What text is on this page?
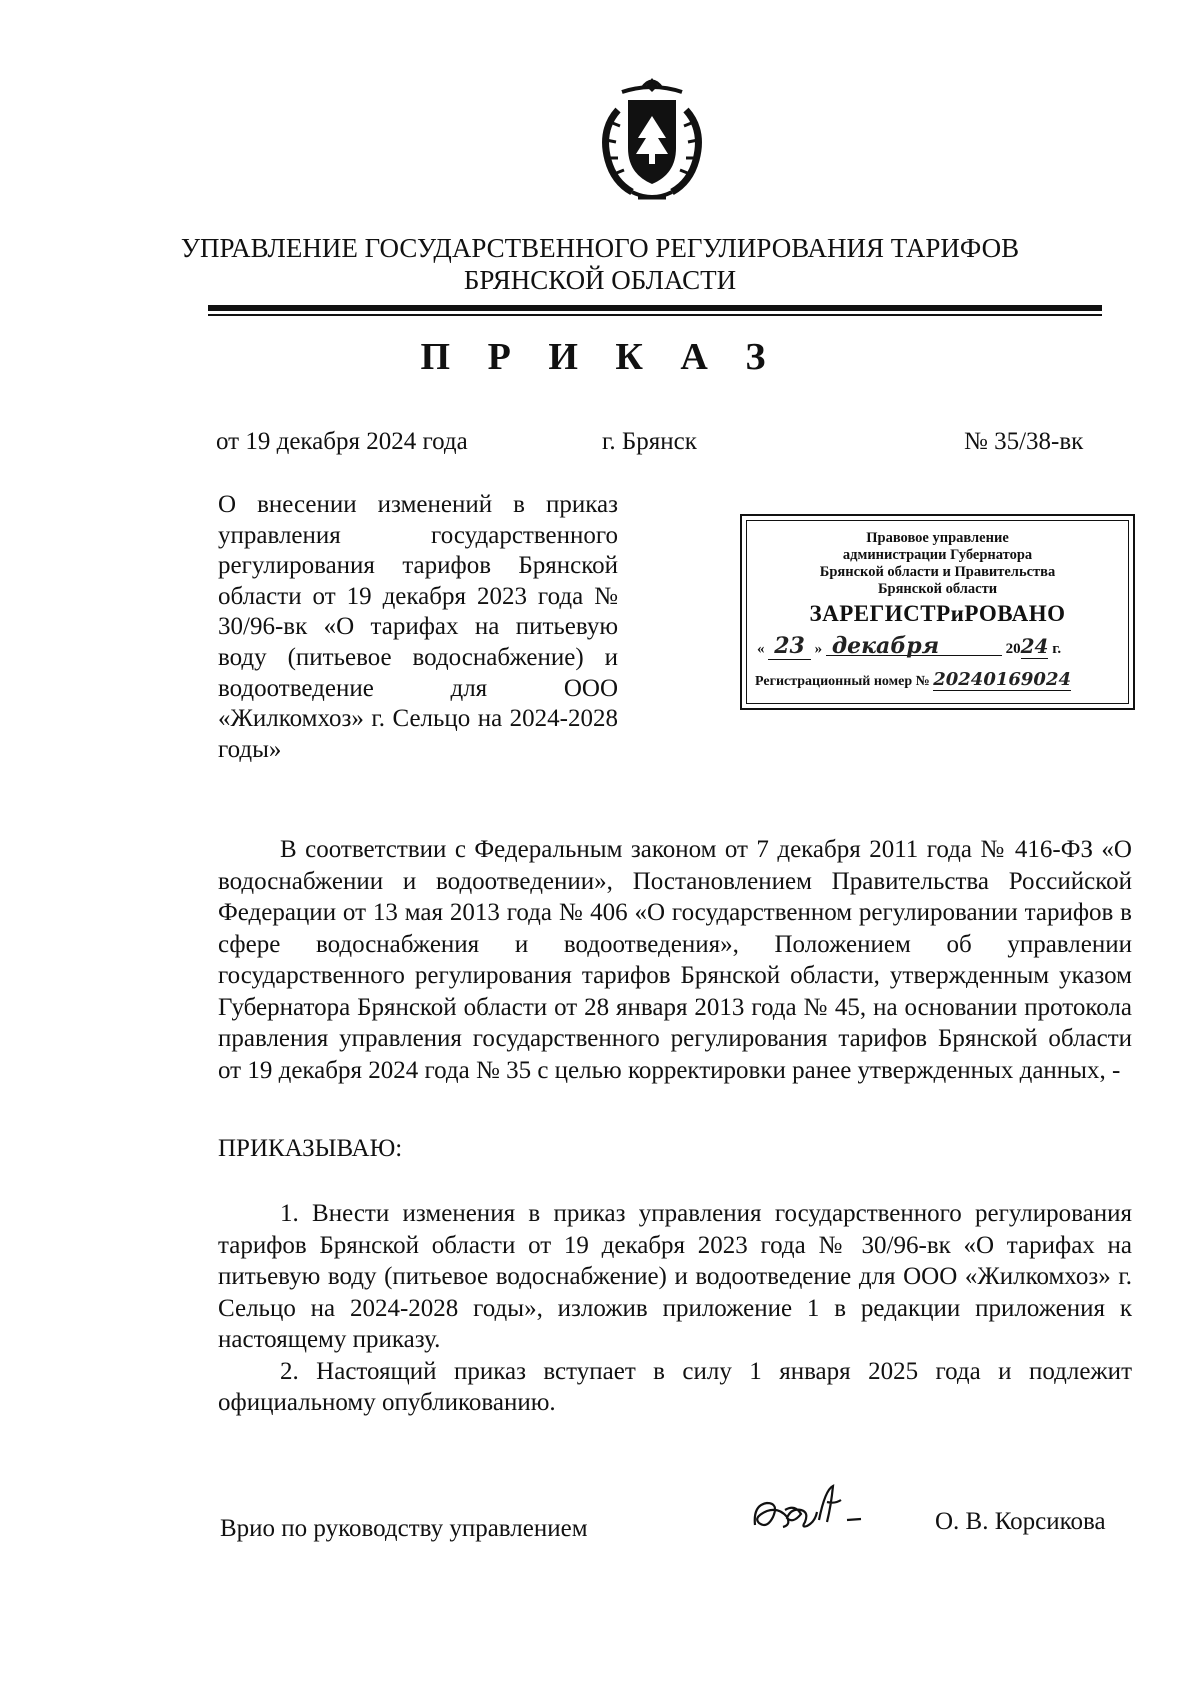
УПРАВЛЕНИЕ ГОСУДАРСТВЕННОГО РЕГУЛИРОВАНИЯ ТАРИФОВ
БРЯНСКОЙ ОБЛАСТИ
П Р И К А З
от 19 декабря 2024 года	г. Брянск	№ 35/38-вк

О внесении изменений в приказ управления государственного регулирования тарифов Брянской области от 19 декабря 2023 года № 30/96-вк «О тарифах на питьевую воду (питьевое водоснабжение) и водоотведение для ООО «Жилкомхоз» г. Сельцо на 2024-2028 годы»

Правовое управление
администрации Губернатора
Брянской области и Правительства
Брянской области
ЗАРЕГИСТРиРОВАНО
« 23 » декабря	2024 г.
Регистрационный номер № 20240169024

В соответствии с Федеральным законом от 7 декабря 2011 года № 416-ФЗ «О водоснабжении и водоотведении», Постановлением Правительства Российской Федерации от 13 мая 2013 года № 406 «О государственном регулировании тарифов в сфере водоснабжения и водоотведения», Положением об управлении государственного регулирования тарифов Брянской области, утвержденным указом Губернатора Брянской области от 28 января 2013 года № 45, на основании протокола правления управления государственного регулирования тарифов Брянской области от 19 декабря 2024 года № 35 с целью корректировки ранее утвержденных данных, -

ПРИКАЗЫВАЮ:

1. Внести изменения в приказ управления государственного регулирования тарифов Брянской области от 19 декабря 2023 года № 30/96-вк «О тарифах на питьевую воду (питьевое водоснабжение) и водоотведение для ООО «Жилкомхоз» г. Сельцо на 2024-2028 годы», изложив приложение 1 в редакции приложения к настоящему приказу.

2. Настоящий приказ вступает в силу 1 января 2025 года и подлежит официальному опубликованию.

Врио по руководству управлением	О. В. Корсикова
